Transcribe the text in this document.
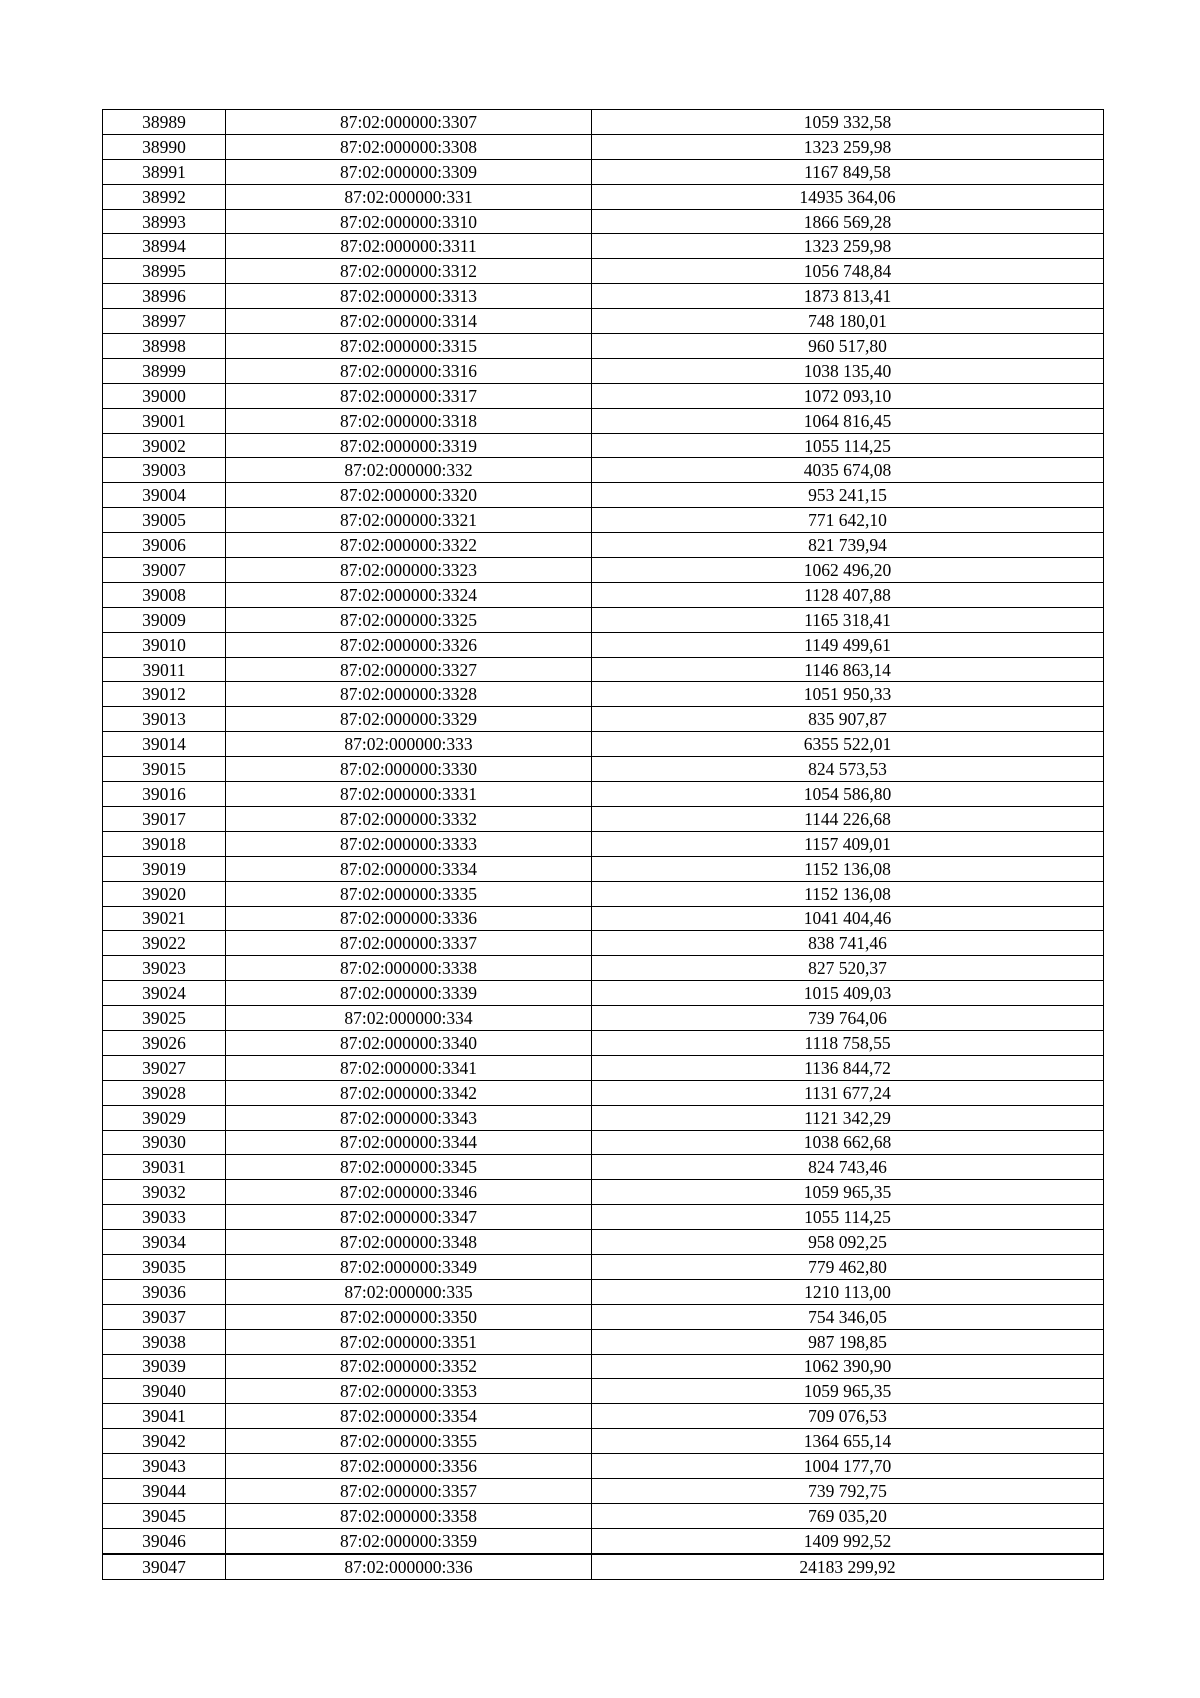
38989	87:02:000000:3307	1059 332,58
38990	87:02:000000:3308	1323 259,98
38991	87:02:000000:3309	1167 849,58
38992	87:02:000000:331	14935 364,06
38993	87:02:000000:3310	1866 569,28
38994	87:02:000000:3311	1323 259,98
38995	87:02:000000:3312	1056 748,84
38996	87:02:000000:3313	1873 813,41
38997	87:02:000000:3314	748 180,01
38998	87:02:000000:3315	960 517,80
38999	87:02:000000:3316	1038 135,40
39000	87:02:000000:3317	1072 093,10
39001	87:02:000000:3318	1064 816,45
39002	87:02:000000:3319	1055 114,25
39003	87:02:000000:332	4035 674,08
39004	87:02:000000:3320	953 241,15
39005	87:02:000000:3321	771 642,10
39006	87:02:000000:3322	821 739,94
39007	87:02:000000:3323	1062 496,20
39008	87:02:000000:3324	1128 407,88
39009	87:02:000000:3325	1165 318,41
39010	87:02:000000:3326	1149 499,61
39011	87:02:000000:3327	1146 863,14
39012	87:02:000000:3328	1051 950,33
39013	87:02:000000:3329	835 907,87
39014	87:02:000000:333	6355 522,01
39015	87:02:000000:3330	824 573,53
39016	87:02:000000:3331	1054 586,80
39017	87:02:000000:3332	1144 226,68
39018	87:02:000000:3333	1157 409,01
39019	87:02:000000:3334	1152 136,08
39020	87:02:000000:3335	1152 136,08
39021	87:02:000000:3336	1041 404,46
39022	87:02:000000:3337	838 741,46
39023	87:02:000000:3338	827 520,37
39024	87:02:000000:3339	1015 409,03
39025	87:02:000000:334	739 764,06
39026	87:02:000000:3340	1118 758,55
39027	87:02:000000:3341	1136 844,72
39028	87:02:000000:3342	1131 677,24
39029	87:02:000000:3343	1121 342,29
39030	87:02:000000:3344	1038 662,68
39031	87:02:000000:3345	824 743,46
39032	87:02:000000:3346	1059 965,35
39033	87:02:000000:3347	1055 114,25
39034	87:02:000000:3348	958 092,25
39035	87:02:000000:3349	779 462,80
39036	87:02:000000:335	1210 113,00
39037	87:02:000000:3350	754 346,05
39038	87:02:000000:3351	987 198,85
39039	87:02:000000:3352	1062 390,90
39040	87:02:000000:3353	1059 965,35
39041	87:02:000000:3354	709 076,53
39042	87:02:000000:3355	1364 655,14
39043	87:02:000000:3356	1004 177,70
39044	87:02:000000:3357	739 792,75
39045	87:02:000000:3358	769 035,20
39046	87:02:000000:3359	1409 992,52
39047	87:02:000000:336	24183 299,92
